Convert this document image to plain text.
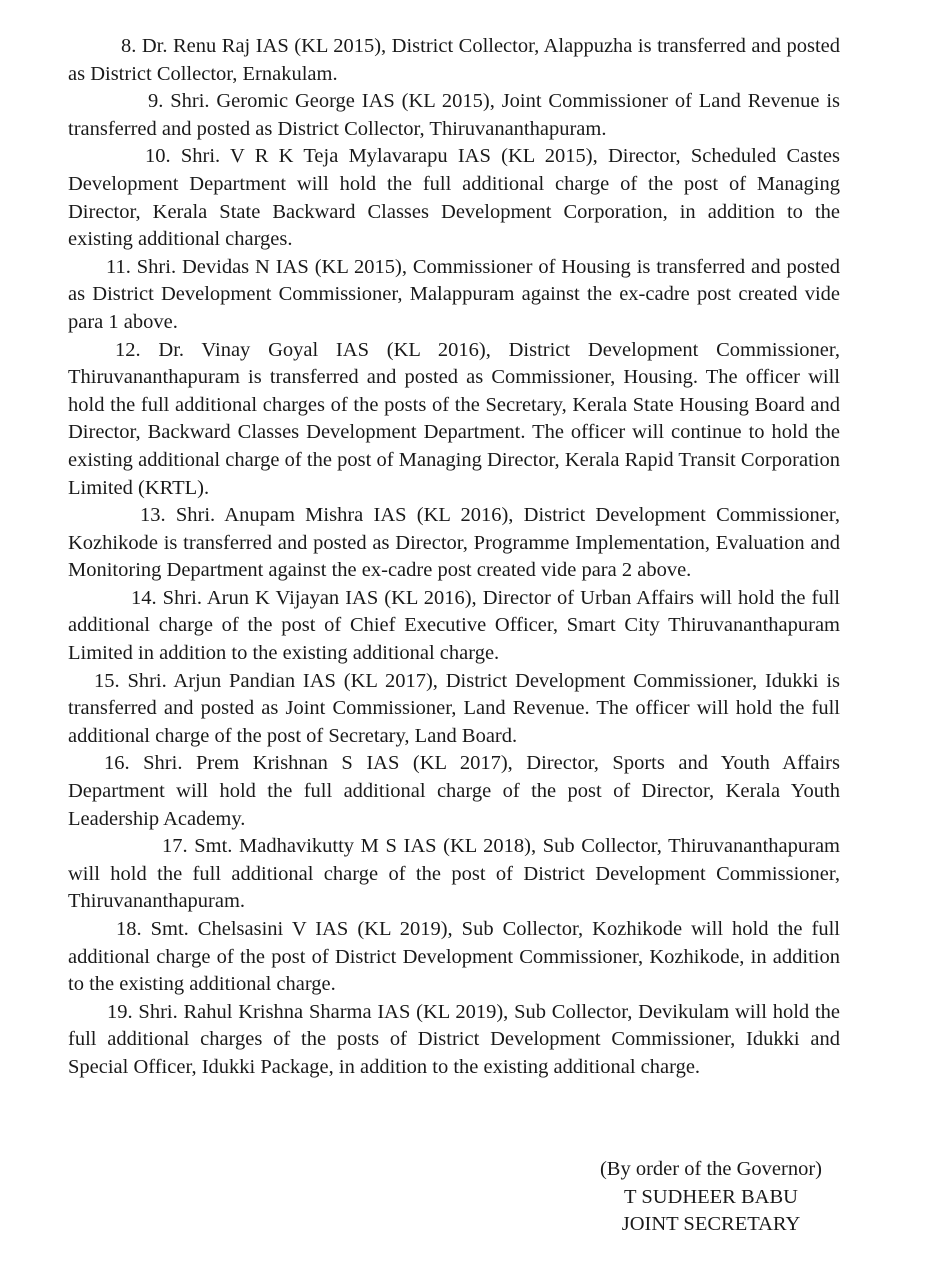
8. Dr. Renu Raj IAS (KL 2015), District Collector, Alappuzha is transferred and posted as District Collector, Ernakulam.

9. Shri. Geromic George IAS (KL 2015), Joint Commissioner of Land Revenue is transferred and posted as District Collector, Thiruvananthapuram.

10. Shri. V R K Teja Mylavarapu IAS (KL 2015), Director, Scheduled Castes Development Department will hold the full additional charge of the post of Managing Director, Kerala State Backward Classes Development Corporation, in addition to the existing additional charges.

11. Shri. Devidas N IAS (KL 2015), Commissioner of Housing is transferred and posted as District Development Commissioner, Malappuram against the ex-cadre post created vide para 1 above.

12. Dr. Vinay Goyal IAS (KL 2016), District Development Commissioner, Thiruvananthapuram is transferred and posted as Commissioner, Housing. The officer will hold the full additional charges of the posts of the Secretary, Kerala State Housing Board and Director, Backward Classes Development Department. The officer will continue to hold the existing additional charge of the post of Managing Director, Kerala Rapid Transit Corporation Limited (KRTL).

13. Shri. Anupam Mishra IAS (KL 2016), District Development Commissioner, Kozhikode is transferred and posted as Director, Programme Implementation, Evaluation and Monitoring Department against the ex-cadre post created vide para 2 above.

14. Shri. Arun K Vijayan IAS (KL 2016), Director of Urban Affairs will hold the full additional charge of the post of Chief Executive Officer, Smart City Thiruvananthapuram Limited in addition to the existing additional charge.

15. Shri. Arjun Pandian IAS (KL 2017), District Development Commissioner, Idukki is transferred and posted as Joint Commissioner, Land Revenue. The officer will hold the full additional charge of the post of Secretary, Land Board.

16. Shri. Prem Krishnan S IAS (KL 2017), Director, Sports and Youth Affairs Department will hold the full additional charge of the post of Director, Kerala Youth Leadership Academy.

17. Smt. Madhavikutty M S IAS (KL 2018), Sub Collector, Thiruvananthapuram will hold the full additional charge of the post of District Development Commissioner, Thiruvananthapuram.

18. Smt. Chelsasini V IAS (KL 2019), Sub Collector, Kozhikode will hold the full additional charge of the post of District Development Commissioner, Kozhikode, in addition to the existing additional charge.

19. Shri. Rahul Krishna Sharma IAS (KL 2019), Sub Collector, Devikulam will hold the full additional charges of the posts of District Development Commissioner, Idukki and Special Officer, Idukki Package, in addition to the existing additional charge.

(By order of the Governor)
T SUDHEER BABU
JOINT SECRETARY
